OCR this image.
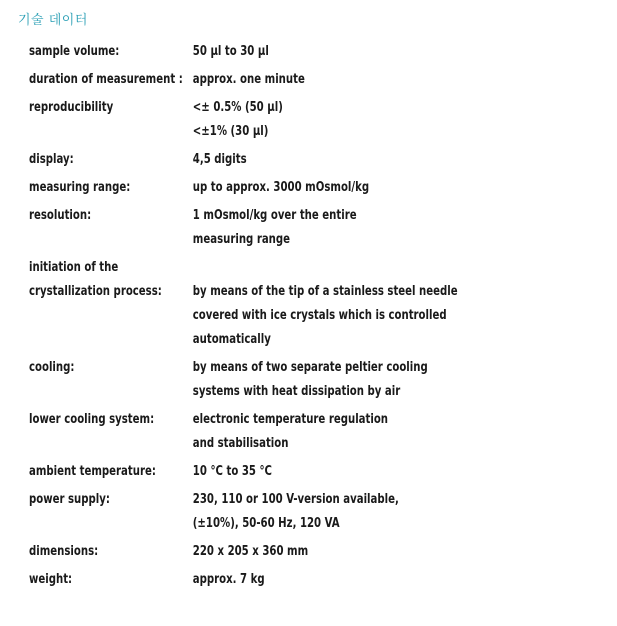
기술 데이터
sample volume:	50 µl to 30 µl
duration of measurement : approx. one minute
reproducibility	<± 0.5% (50 µl)
<±1% (30 µl)
display:	4,5 digits
measuring range:	up to approx. 3000 mOsmol/kg
resolution:	1 mOsmol/kg over the entire
measuring range
initiation of the
crystallization process:	by means of the tip of a stainless steel needle
covered with ice crystals which is controlled
automatically
cooling:	by means of two separate peltier cooling
systems with heat dissipation by air
lower cooling system:	electronic temperature regulation
and stabilisation
ambient temperature:	10 °C to 35 °C
power supply:	230, 110 or 100 V-version available,
(±10%), 50-60 Hz, 120 VA
dimensions:	220 x 205 x 360 mm
weight:	approx. 7 kg
